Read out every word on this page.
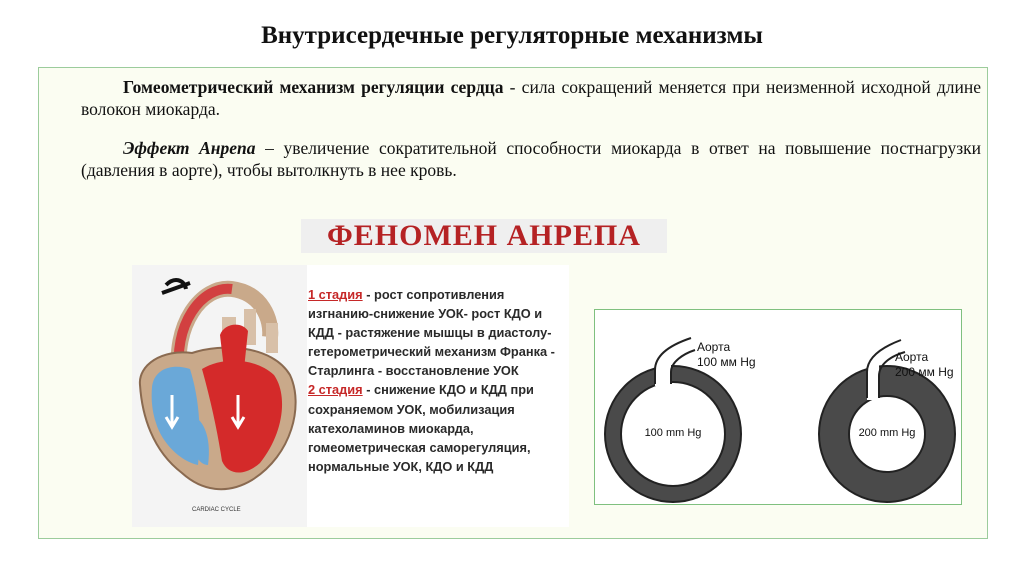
Внутрисердечные регуляторные механизмы
Гомеометрический механизм регуляции сердца - сила сокращений меняется при неизменной исходной длине волокон миокарда.
Эффект Анрепа – увеличение сократительной способности миокарда в ответ на повышение постнагрузки (давления в аорте), чтобы вытолкнуть в нее кровь.
ФЕНОМЕН АНРЕПА
CARDIAC CYCLE
1 стадия - рост сопротивления изгнанию-снижение УОК- рост КДО и КДД - растяжение мышцы в диастолу- гетерометрический механизм Франка - Старлинга - восстановление УОК
2 стадия - снижение КДО и КДД при сохраняемом УОК, мобилизация катехоламинов миокарда, гомеометрическая саморегуляция, нормальные УОК, КДО и КДД
Аорта
100 мм Hg
100 mm Hg
Аорта
200 мм Hg
200 mm Hg
